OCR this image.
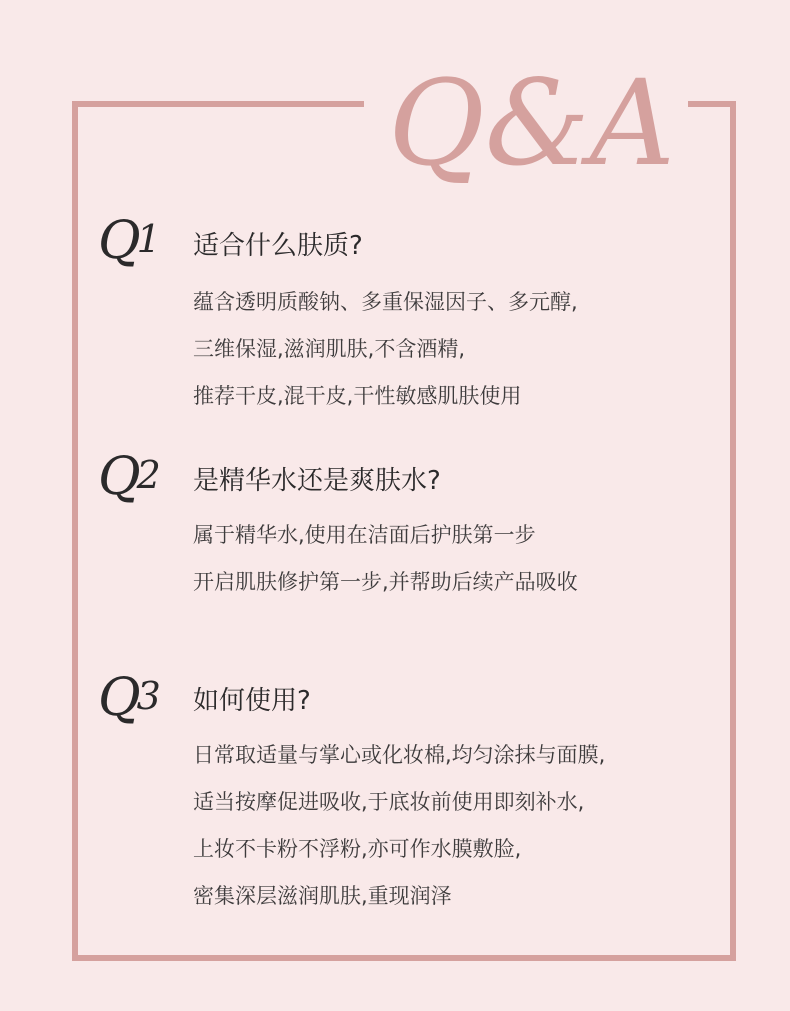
Q&A
Q1	适合什么肤质?
蕴含透明质酸钠、多重保湿因子、多元醇,
三维保湿,滋润肌肤,不含酒精,
推荐干皮,混干皮,干性敏感肌肤使用
Q2	是精华水还是爽肤水?
属于精华水,使用在洁面后护肤第一步
开启肌肤修护第一步,并帮助后续产品吸收
Q3	如何使用?
日常取适量与掌心或化妆棉,均匀涂抹与面膜,
适当按摩促进吸收,于底妆前使用即刻补水,
上妆不卡粉不浮粉,亦可作水膜敷脸,
密集深层滋润肌肤,重现润泽
